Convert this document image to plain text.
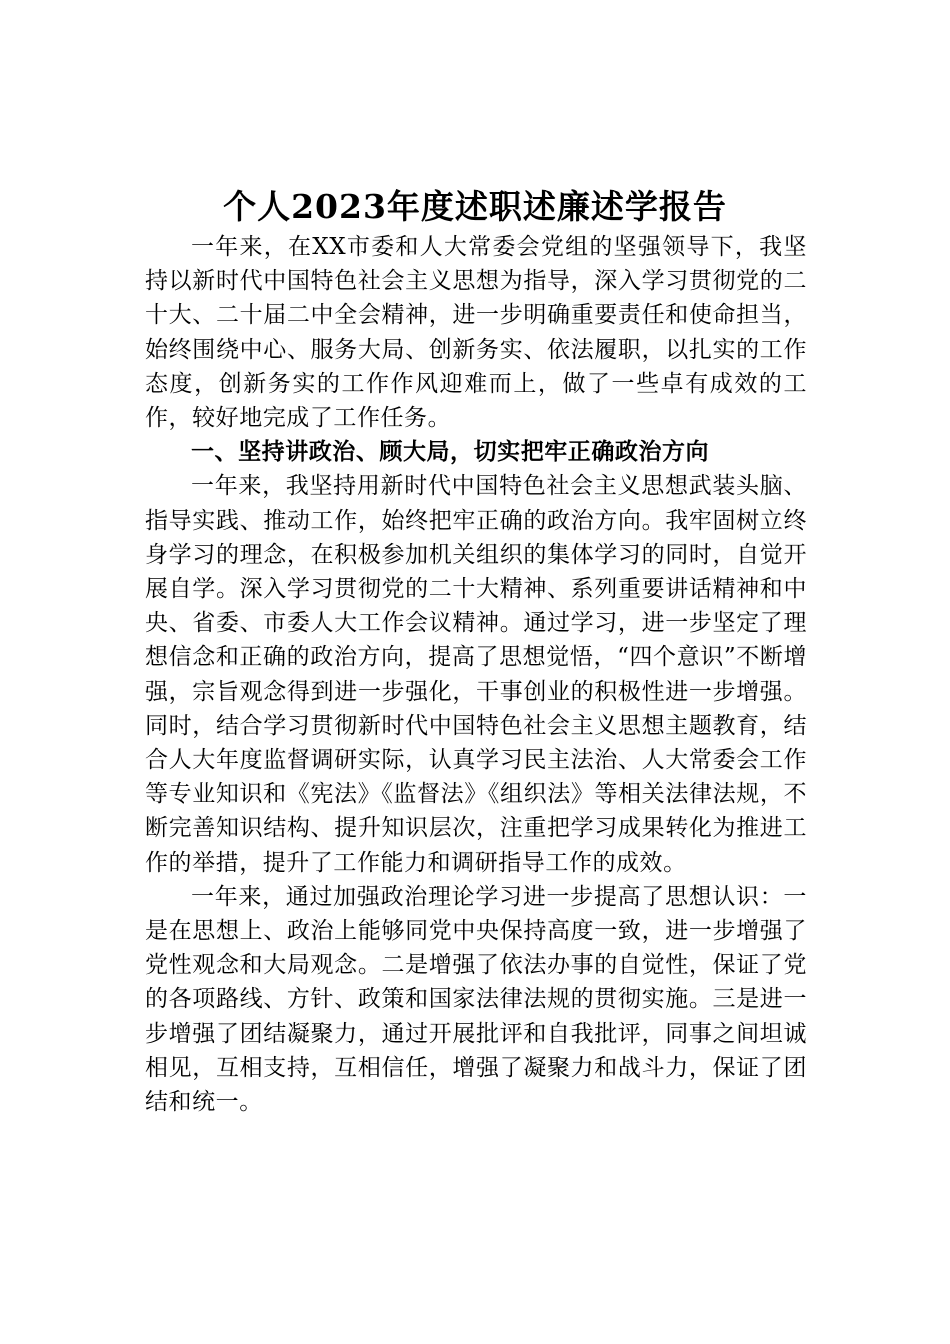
个人2023年度述职述廉述学报告

一年来，在XX市委和人大常委会党组的坚强领导下，我坚持以新时代中国特色社会主义思想为指导，深入学习贯彻党的二十大、二十届二中全会精神，进一步明确重要责任和使命担当，始终围绕中心、服务大局、创新务实、依法履职，以扎实的工作态度，创新务实的工作作风迎难而上，做了一些卓有成效的工作，较好地完成了工作任务。

一、坚持讲政治、顾大局，切实把牢正确政治方向

一年来，我坚持用新时代中国特色社会主义思想武装头脑、指导实践、推动工作，始终把牢正确的政治方向。我牢固树立终身学习的理念，在积极参加机关组织的集体学习的同时，自觉开展自学。深入学习贯彻党的二十大精神、系列重要讲话精神和中央、省委、市委人大工作会议精神。通过学习，进一步坚定了理想信念和正确的政治方向，提高了思想觉悟，“四个意识”不断增强，宗旨观念得到进一步强化，干事创业的积极性进一步增强。同时，结合学习贯彻新时代中国特色社会主义思想主题教育，结合人大年度监督调研实际，认真学习民主法治、人大常委会工作等专业知识和《宪法》《监督法》《组织法》等相关法律法规，不断完善知识结构、提升知识层次，注重把学习成果转化为推进工作的举措，提升了工作能力和调研指导工作的成效。

一年来，通过加强政治理论学习进一步提高了思想认识：一是在思想上、政治上能够同党中央保持高度一致，进一步增强了党性观念和大局观念。二是增强了依法办事的自觉性，保证了党的各项路线、方针、政策和国家法律法规的贯彻实施。三是进一步增强了团结凝聚力，通过开展批评和自我批评，同事之间坦诚相见，互相支持，互相信任，增强了凝聚力和战斗力，保证了团结和统一。
